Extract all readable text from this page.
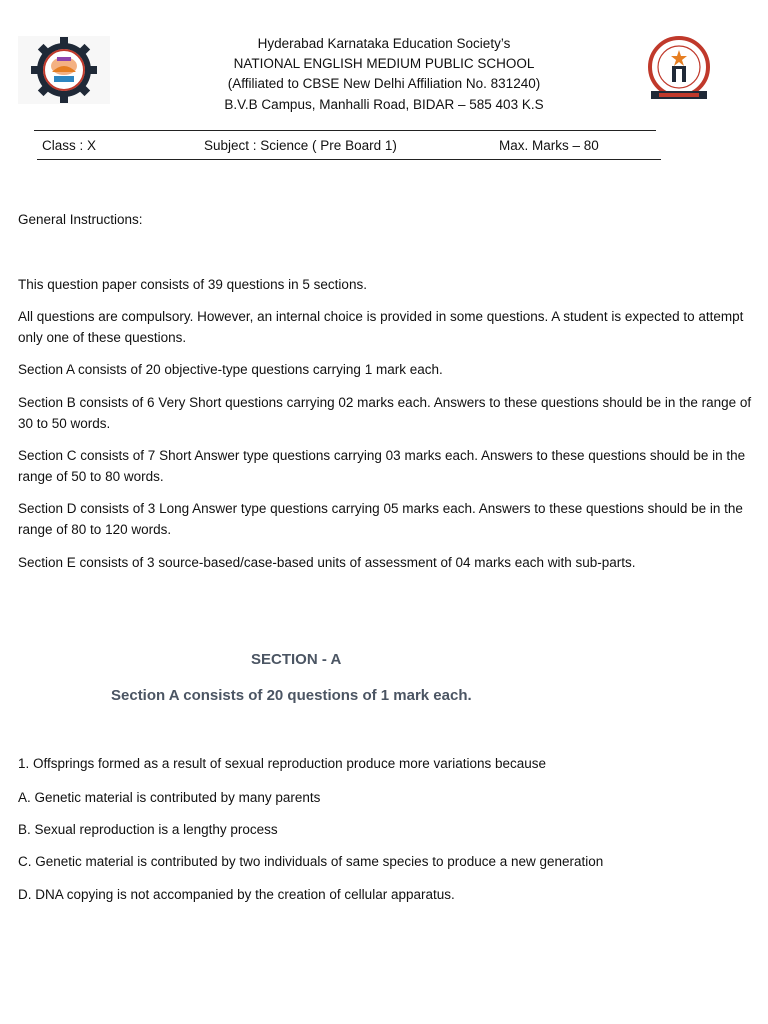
Hyderabad Karnataka Education Society’s
NATIONAL ENGLISH MEDIUM PUBLIC SCHOOL
(Affiliated to CBSE New Delhi Affiliation No. 831240)
B.V.B Campus, Manhalli Road, BIDAR – 585 403 K.S
Class : X	Subject : Science ( Pre Board 1)	Max. Marks – 80
General Instructions:
This question paper consists of 39 questions in 5 sections.
All questions are compulsory. However, an internal choice is provided in some questions. A student is expected to attempt only one of these questions.
Section A consists of 20 objective-type questions carrying 1 mark each.
Section B consists of 6 Very Short questions carrying 02 marks each. Answers to these questions should be in the range of 30 to 50 words.
Section C consists of 7 Short Answer type questions carrying 03 marks each. Answers to these questions should be in the range of 50 to 80 words.
Section D consists of 3 Long Answer type questions carrying 05 marks each. Answers to these questions should be in the range of 80 to 120 words.
Section E consists of 3 source-based/case-based units of assessment of 04 marks each with sub-parts.
SECTION - A
Section A consists of 20 questions of 1 mark each.
1. Offsprings formed as a result of sexual reproduction produce more variations because
A. Genetic material is contributed by many parents
B. Sexual reproduction is a lengthy process
C. Genetic material is contributed by two individuals of same species to produce a new generation
D. DNA copying is not accompanied by the creation of cellular apparatus.
